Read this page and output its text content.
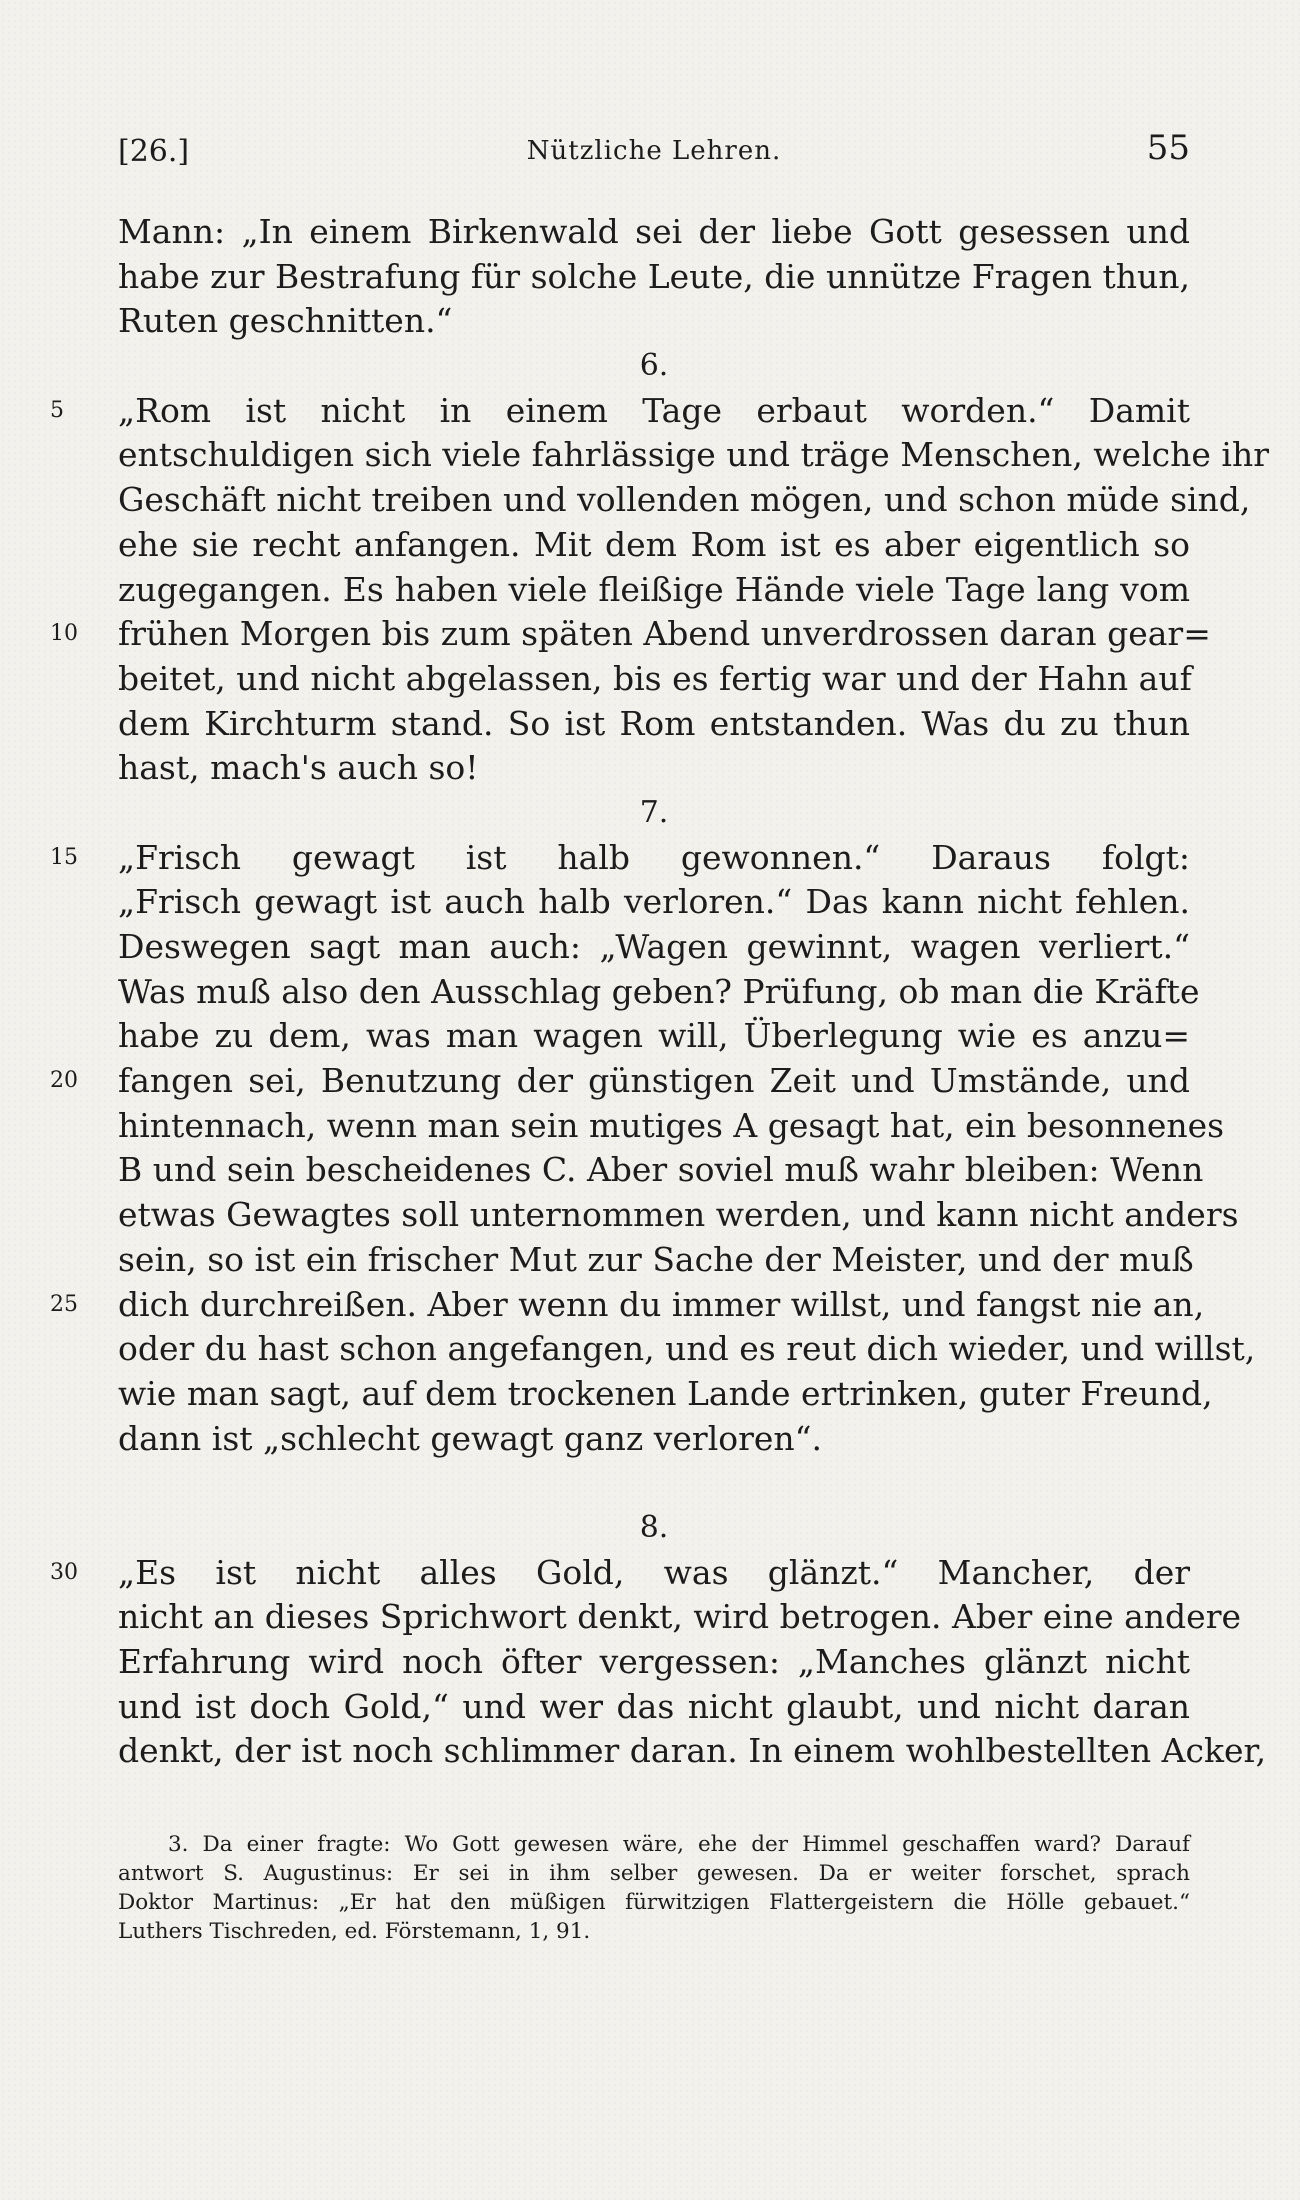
[26.]	Nützliche Lehren.	55
Mann: „In einem Birkenwald sei der liebe Gott gesessen und
habe zur Bestrafung für solche Leute, die unnütze Fragen thun,
Ruten geschnitten.“
6.
5 „Rom ist nicht in einem Tage erbaut worden.“ Damit
entschuldigen sich viele fahrlässige und träge Menschen, welche ihr
Geschäft nicht treiben und vollenden mögen, und schon müde sind,
ehe sie recht anfangen. Mit dem Rom ist es aber eigentlich so
zugegangen. Es haben viele fleißige Hände viele Tage lang vom
10 frühen Morgen bis zum späten Abend unverdrossen daran gear=
beitet, und nicht abgelassen, bis es fertig war und der Hahn auf
dem Kirchturm stand. So ist Rom entstanden. Was du zu thun
hast, mach's auch so!
7.
15 „Frisch gewagt ist halb gewonnen.“ Daraus folgt:
„Frisch gewagt ist auch halb verloren.“ Das kann nicht fehlen.
Deswegen sagt man auch: „Wagen gewinnt, wagen verliert.“
Was muß also den Ausschlag geben? Prüfung, ob man die Kräfte
habe zu dem, was man wagen will, Überlegung wie es anzu=
20 fangen sei, Benutzung der günstigen Zeit und Umstände, und
hintennach, wenn man sein mutiges A gesagt hat, ein besonnenes
B und sein bescheidenes C. Aber soviel muß wahr bleiben: Wenn
etwas Gewagtes soll unternommen werden, und kann nicht anders
sein, so ist ein frischer Mut zur Sache der Meister, und der muß
25 dich durchreißen. Aber wenn du immer willst, und fangst nie an,
oder du hast schon angefangen, und es reut dich wieder, und willst,
wie man sagt, auf dem trockenen Lande ertrinken, guter Freund,
dann ist „schlecht gewagt ganz verloren“.
8.
30 „Es ist nicht alles Gold, was glänzt.“ Mancher, der
nicht an dieses Sprichwort denkt, wird betrogen. Aber eine andere
Erfahrung wird noch öfter vergessen: „Manches glänzt nicht
und ist doch Gold,“ und wer das nicht glaubt, und nicht daran
denkt, der ist noch schlimmer daran. In einem wohlbestellten Acker,
3. Da einer fragte: Wo Gott gewesen wäre, ehe der Himmel geschaffen ward? Darauf
antwort S. Augustinus: Er sei in ihm selber gewesen. Da er weiter forschet, sprach
Doktor Martinus: „Er hat den müßigen fürwitzigen Flattergeistern die Hölle gebauet.“
Luthers Tischreden, ed. Förstemann, 1, 91.
